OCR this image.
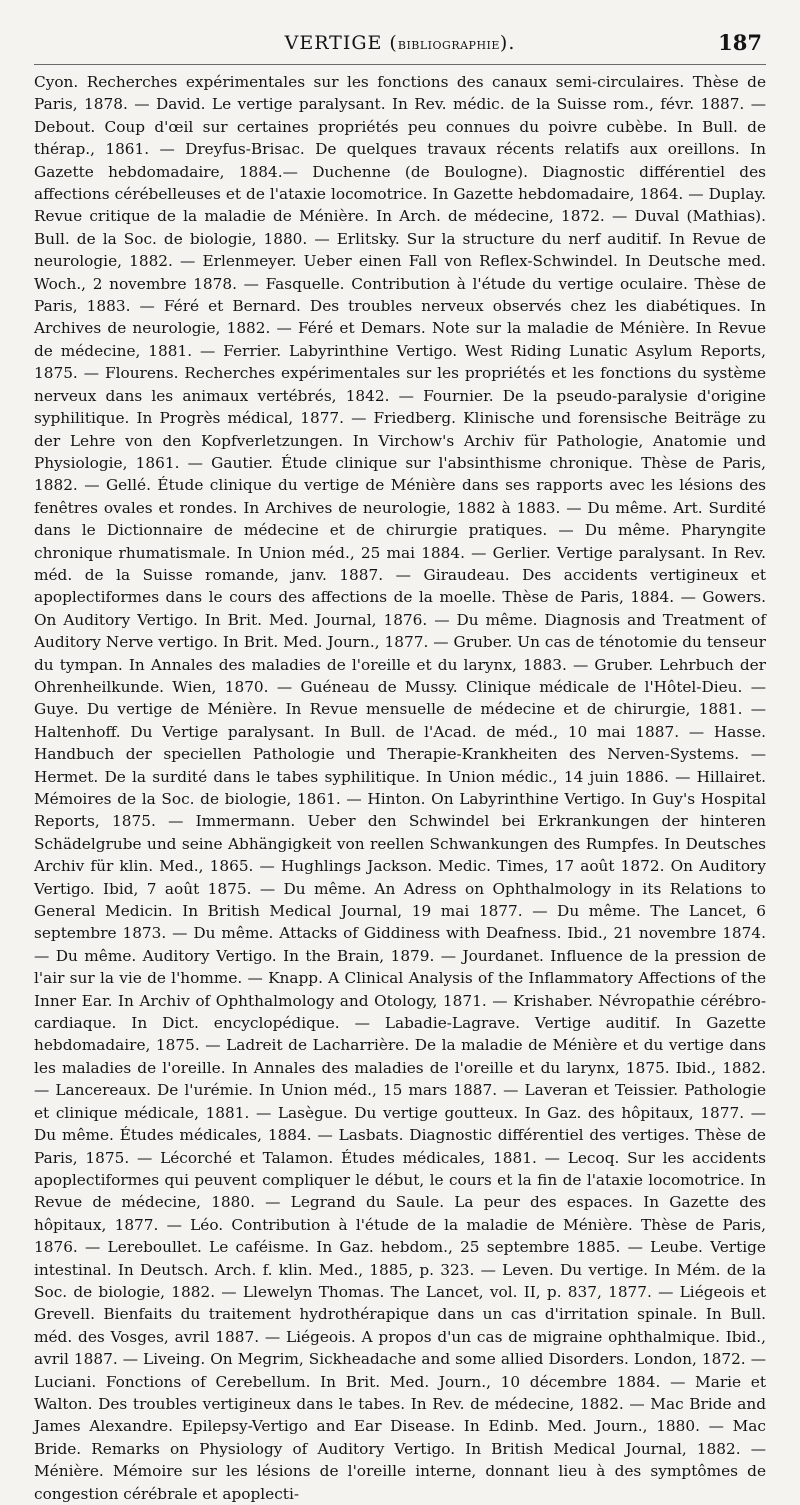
VERTIGE (bibliographie).	187

Cyon. Recherches expérimentales sur les fonctions des canaux semi-circulaires. Thèse de Paris, 1878. — David. Le vertige paralysant. In Rev. médic. de la Suisse rom., févr. 1887. — Debout. Coup d'œil sur certaines propriétés peu connues du poivre cubèbe. In Bull. de thérap., 1861. — Dreyfus-Brisac. De quelques travaux récents relatifs aux oreillons. In Gazette hebdomadaire, 1884.— Duchenne (de Boulogne). Diagnostic différentiel des affections cérébelleuses et de l'ataxie locomotrice. In Gazette hebdomadaire, 1864. — Duplay. Revue critique de la maladie de Ménière. In Arch. de médecine, 1872. — Duval (Mathias). Bull. de la Soc. de biologie, 1880. — Erlitsky. Sur la structure du nerf auditif. In Revue de neurologie, 1882. — Erlenmeyer. Ueber einen Fall von Reflex-Schwindel. In Deutsche med. Woch., 2 novembre 1878. — Fasquelle. Contribution à l'étude du vertige oculaire. Thèse de Paris, 1883. — Féré et Bernard. Des troubles nerveux observés chez les diabétiques. In Archives de neurologie, 1882. — Féré et Demars. Note sur la maladie de Ménière. In Revue de médecine, 1881. — Ferrier. Labyrinthine Vertigo. West Riding Lunatic Asylum Reports, 1875. — Flourens. Recherches expérimentales sur les propriétés et les fonctions du système nerveux dans les animaux vertébrés, 1842. — Fournier. De la pseudo-paralysie d'origine syphilitique. In Progrès médical, 1877. — Friedberg. Klinische und forensische Beiträge zu der Lehre von den Kopfverletzungen. In Virchow's Archiv für Pathologie, Anatomie und Physiologie, 1861. — Gautier. Étude clinique sur l'absinthisme chronique. Thèse de Paris, 1882. — Gellé. Étude clinique du vertige de Ménière dans ses rapports avec les lésions des fenêtres ovales et rondes. In Archives de neurologie, 1882 à 1883. — Du même. Art. Surdité dans le Dictionnaire de médecine et de chirurgie pratiques. — Du même. Pharyngite chronique rhumatismale. In Union méd., 25 mai 1884. — Gerlier. Vertige paralysant. In Rev. méd. de la Suisse romande, janv. 1887. — Giraudeau. Des accidents vertigineux et apoplectiformes dans le cours des affections de la moelle. Thèse de Paris, 1884. — Gowers. On Auditory Vertigo. In Brit. Med. Journal, 1876. — Du même. Diagnosis and Treatment of Auditory Nerve vertigo. In Brit. Med. Journ., 1877. — Gruber. Un cas de ténotomie du tenseur du tympan. In Annales des maladies de l'oreille et du larynx, 1883. — Gruber. Lehrbuch der Ohrenheilkunde. Wien, 1870. — Guéneau de Mussy. Clinique médicale de l'Hôtel-Dieu. — Guye. Du vertige de Ménière. In Revue mensuelle de médecine et de chirurgie, 1881. — Haltenhoff. Du Vertige paralysant. In Bull. de l'Acad. de méd., 10 mai 1887. — Hasse. Handbuch der speciellen Pathologie und Therapie-Krankheiten des Nerven-Systems. — Hermet. De la surdité dans le tabes syphilitique. In Union médic., 14 juin 1886. — Hillairet. Mémoires de la Soc. de biologie, 1861. — Hinton. On Labyrinthine Vertigo. In Guy's Hospital Reports, 1875. — Immermann. Ueber den Schwindel bei Erkrankungen der hinteren Schädelgrube und seine Abhängigkeit von reellen Schwankungen des Rumpfes. In Deutsches Archiv für klin. Med., 1865. — Hughlings Jackson. Medic. Times, 17 août 1872. On Auditory Vertigo. Ibid, 7 août 1875. — Du même. An Adress on Ophthalmology in its Relations to General Medicin. In British Medical Journal, 19 mai 1877. — Du même. The Lancet, 6 septembre 1873. — Du même. Attacks of Giddiness with Deafness. Ibid., 21 novembre 1874. — Du même. Auditory Vertigo. In the Brain, 1879. — Jourdanet. Influence de la pression de l'air sur la vie de l'homme. — Knapp. A Clinical Analysis of the Inflammatory Affections of the Inner Ear. In Archiv of Ophthalmology and Otology, 1871. — Krishaber. Névropathie cérébro-cardiaque. In Dict. encyclopédique. — Labadie-Lagrave. Vertige auditif. In Gazette hebdomadaire, 1875. — Ladreit de Lacharrière. De la maladie de Ménière et du vertige dans les maladies de l'oreille. In Annales des maladies de l'oreille et du larynx, 1875. Ibid., 1882. — Lancereaux. De l'urémie. In Union méd., 15 mars 1887. — Laveran et Teissier. Pathologie et clinique médicale, 1881. — Lasègue. Du vertige goutteux. In Gaz. des hôpitaux, 1877. — Du même. Études médicales, 1884. — Lasbats. Diagnostic différentiel des vertiges. Thèse de Paris, 1875. — Lécorché et Talamon. Études médicales, 1881. — Lecoq. Sur les accidents apoplectiformes qui peuvent compliquer le début, le cours et la fin de l'ataxie locomotrice. In Revue de médecine, 1880. — Legrand du Saule. La peur des espaces. In Gazette des hôpitaux, 1877. — Léo. Contribution à l'étude de la maladie de Ménière. Thèse de Paris, 1876. — Lereboullet. Le caféisme. In Gaz. hebdom., 25 septembre 1885. — Leube. Vertige intestinal. In Deutsch. Arch. f. klin. Med., 1885, p. 323. — Leven. Du vertige. In Mém. de la Soc. de biologie, 1882. — Llewelyn Thomas. The Lancet, vol. II, p. 837, 1877. — Liégeois et Grevell. Bienfaits du traitement hydrothérapique dans un cas d'irritation spinale. In Bull. méd. des Vosges, avril 1887. — Liégeois. A propos d'un cas de migraine ophthalmique. Ibid., avril 1887. — Liveing. On Megrim, Sickheadache and some allied Disorders. London, 1872. — Luciani. Fonctions of Cerebellum. In Brit. Med. Journ., 10 décembre 1884. — Marie et Walton. Des troubles vertigineux dans le tabes. In Rev. de médecine, 1882. — Mac Bride and James Alexandre. Epilepsy-Vertigo and Ear Disease. In Edinb. Med. Journ., 1880. — Mac Bride. Remarks on Physiology of Auditory Vertigo. In British Medical Journal, 1882. — Ménière. Mémoire sur les lésions de l'oreille interne, donnant lieu à des symptômes de congestion cérébrale et apoplecti-
